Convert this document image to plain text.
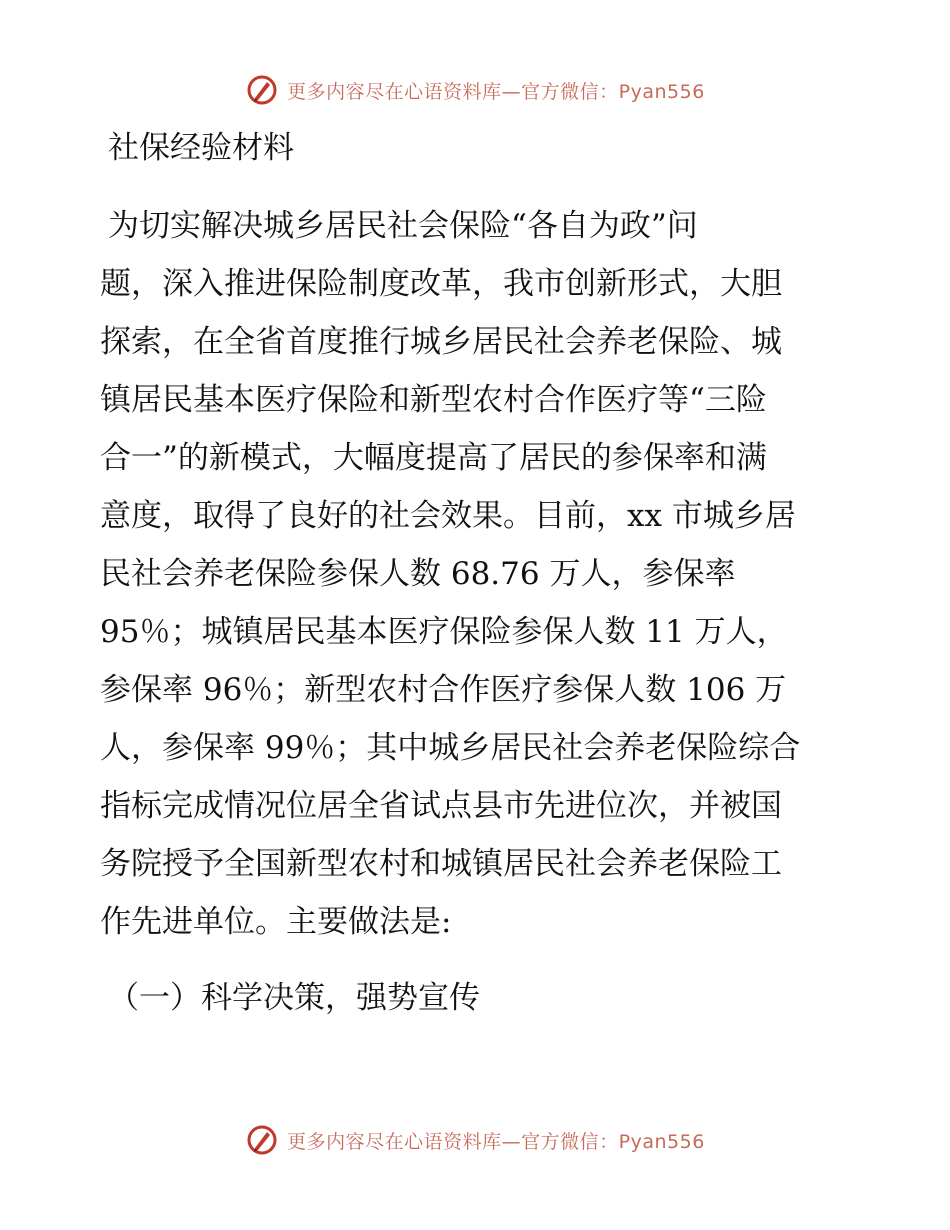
更多内容尽在心语资料库—官方微信：Pyan556
社保经验材料
为切实解决城乡居民社会保险“各自为政”问
题，深入推进保险制度改革，我市创新形式，大胆
探索，在全省首度推行城乡居民社会养老保险、城
镇居民基本医疗保险和新型农村合作医疗等“三险
合一”的新模式，大幅度提高了居民的参保率和满
意度，取得了良好的社会效果。目前，xx 市城乡居
民社会养老保险参保人数 68.76 万人，参保率
95％；城镇居民基本医疗保险参保人数 11 万人，
参保率 96％；新型农村合作医疗参保人数 106 万
人，参保率 99％；其中城乡居民社会养老保险综合
指标完成情况位居全省试点县市先进位次，并被国
务院授予全国新型农村和城镇居民社会养老保险工
作先进单位。主要做法是:
（一）科学决策，强势宣传
更多内容尽在心语资料库—官方微信：Pyan556
